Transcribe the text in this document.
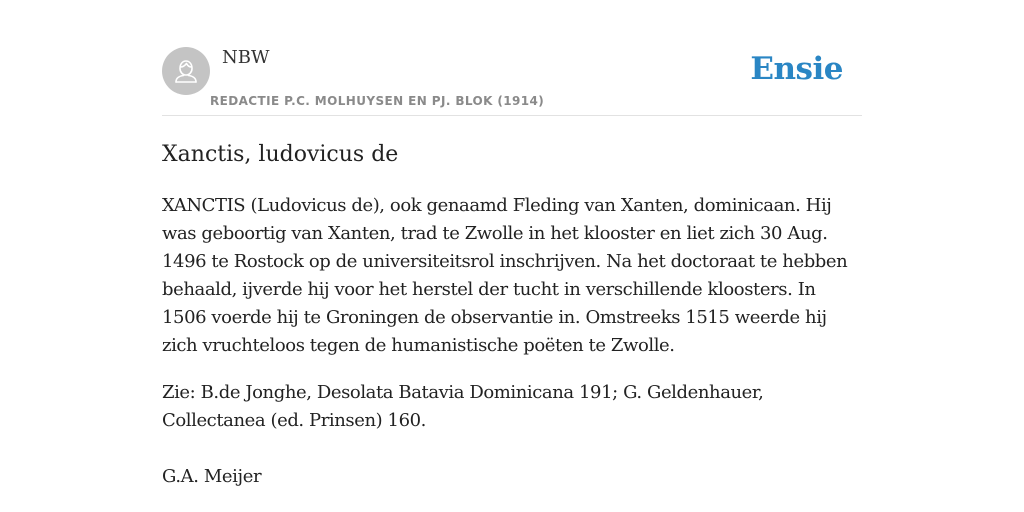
NBW
REDACTIE P.C. MOLHUYSEN EN PJ. BLOK (1914)
Ensie
Xanctis, ludovicus de

XANCTIS (Ludovicus de), ook genaamd Fleding van Xanten, dominicaan. Hij was geboortig van Xanten, trad te Zwolle in het klooster en liet zich 30 Aug. 1496 te Rostock op de universiteitsrol inschrijven. Na het doctoraat te hebben behaald, ijverde hij voor het herstel der tucht in verschillende kloosters. In 1506 voerde hij te Groningen de observantie in. Omstreeks 1515 weerde hij zich vruchteloos tegen de humanistische poëten te Zwolle.

Zie: B.de Jonghe, Desolata Batavia Dominicana 191; G. Geldenhauer, Collectanea (ed. Prinsen) 160.

G.A. Meijer
